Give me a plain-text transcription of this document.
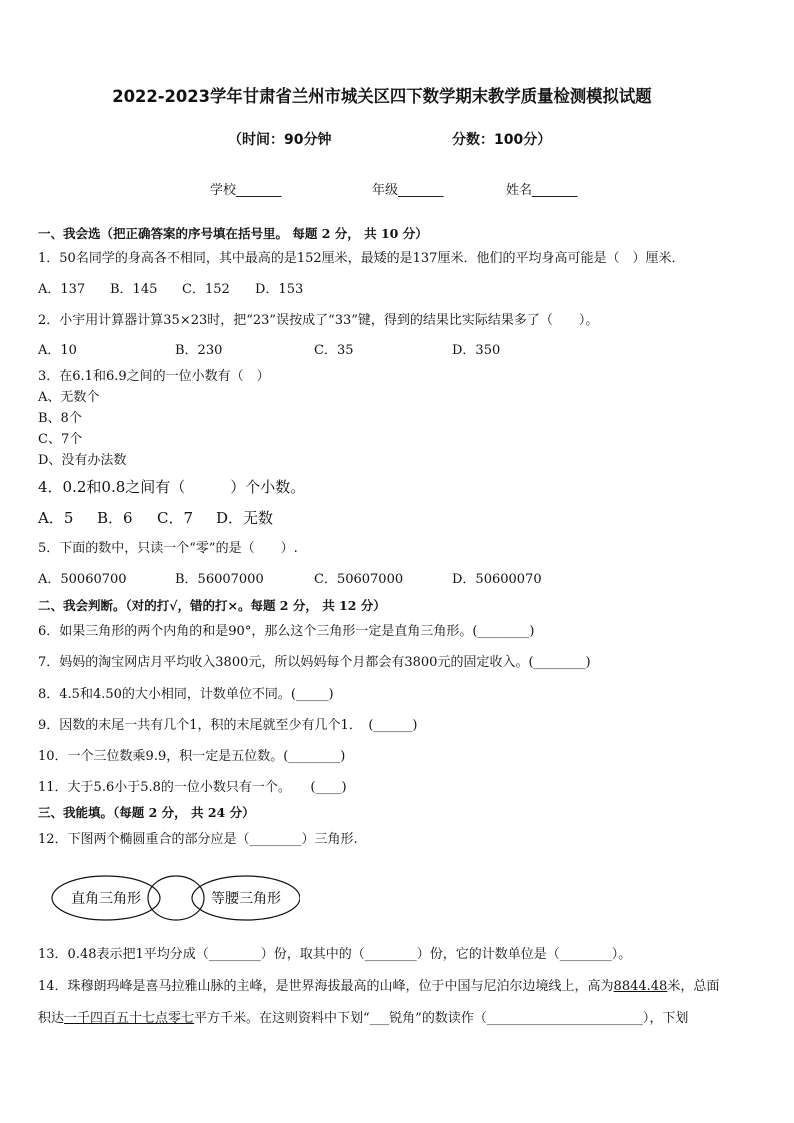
2022-2023学年甘肃省兰州市城关区四下数学期末教学质量检测模拟试题
（时间：90分钟	分数：100分）
学校_______	年级_______	姓名_______
一、我会选（把正确答案的序号填在括号里。 每题 2 分， 共 10 分）
1．50名同学的身高各不相同，其中最高的是152厘米，最矮的是137厘米．他们的平均身高可能是（　）厘米．
A．137 B．145 C．152 D．153
2．小宇用计算器计算35×23时，把“23”误按成了“33”键，得到的结果比实际结果多了（　　）。
A．10	B．230	C．35	D．350
3．在6.1和6.9之间的一位小数有（　）
A、无数个
B、8个
C、7个
D、没有办法数
4．0.2和0.8之间有（　　　）个小数。
A．5 B．6 C．7 D．无数
5．下面的数中，只读一个“零”的是（　　）.
A．50060700	B．56007000	C．50607000	D．50600070
二、我会判断。（对的打√，错的打×。每题 2 分， 共 12 分）
6．如果三角形的两个内角的和是90°，那么这个三角形一定是直角三角形。(________)
7．妈妈的淘宝网店月平均收入3800元，所以妈妈每个月都会有3800元的固定收入。(________)
8．4.5和4.50的大小相同，计数单位不同。(_____)
9．因数的末尾一共有几个1，积的末尾就至少有几个1．　(______)
10．一个三位数乘9.9，积一定是五位数。(________)
11．大于5.6小于5.8的一位小数只有一个。　　(____)
三、我能填。（每题 2 分， 共 24 分）
12．下图两个椭圆重合的部分应是（________）三角形.
直角三角形	等腰三角形
13．0.48表示把1平均分成（________）份，取其中的（________）份，它的计数单位是（________）。
14．珠穆朗玛峰是喜马拉雅山脉的主峰，是世界海拔最高的山峰，位于中国与尼泊尔边境线上，高为8844.48米，总面
积达一千四百五十七点零七平方千米。在这则资料中下划“___锐角”的数读作（________________________），下划
